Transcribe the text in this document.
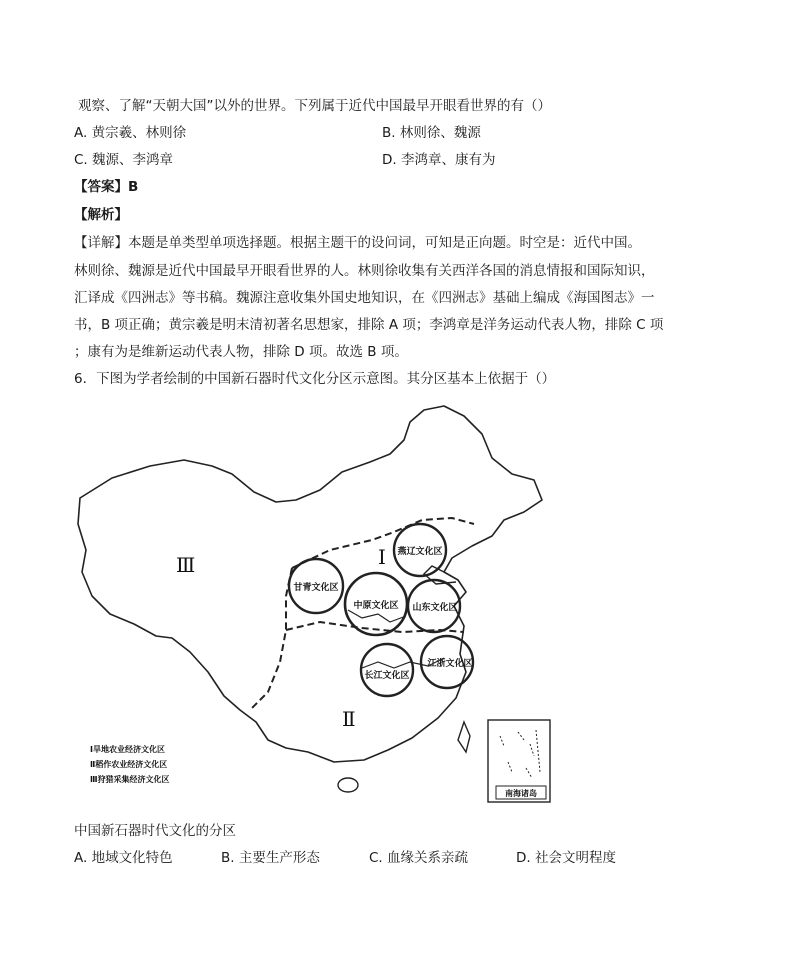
观察、了解“天朝大国”以外的世界。下列属于近代中国最早开眼看世界的有（）
A. 黄宗羲、林则徐	B. 林则徐、魏源
C. 魏源、李鸿章	D. 李鸿章、康有为
【答案】B
【解析】
【详解】本题是单类型单项选择题。根据主题干的设问词，可知是正向题。时空是：近代中国。
林则徐、魏源是近代中国最早开眼看世界的人。林则徐收集有关西洋各国的消息情报和国际知识，
汇译成《四洲志》等书稿。魏源注意收集外国史地知识，在《四洲志》基础上编成《海国图志》一
书，B 项正确；黄宗羲是明末清初著名思想家，排除 A 项；李鸿章是洋务运动代表人物，排除 C 项
；康有为是维新运动代表人物，排除 D 项。故选 B 项。
6．下图为学者绘制的中国新石器时代文化分区示意图。其分区基本上依据于（）
Ⅲ	Ⅰ
Ⅱ
燕辽文化区
甘青文化区
中原文化区 山东文化区
长江文化区
江浙文化区
Ⅰ旱地农业经济文化区
Ⅱ稻作农业经济文化区
Ⅲ狩猎采集经济文化区
南海诸岛
中国新石器时代文化的分区
A. 地域文化特色	B. 主要生产形态	C. 血缘关系亲疏	D. 社会文明程度
